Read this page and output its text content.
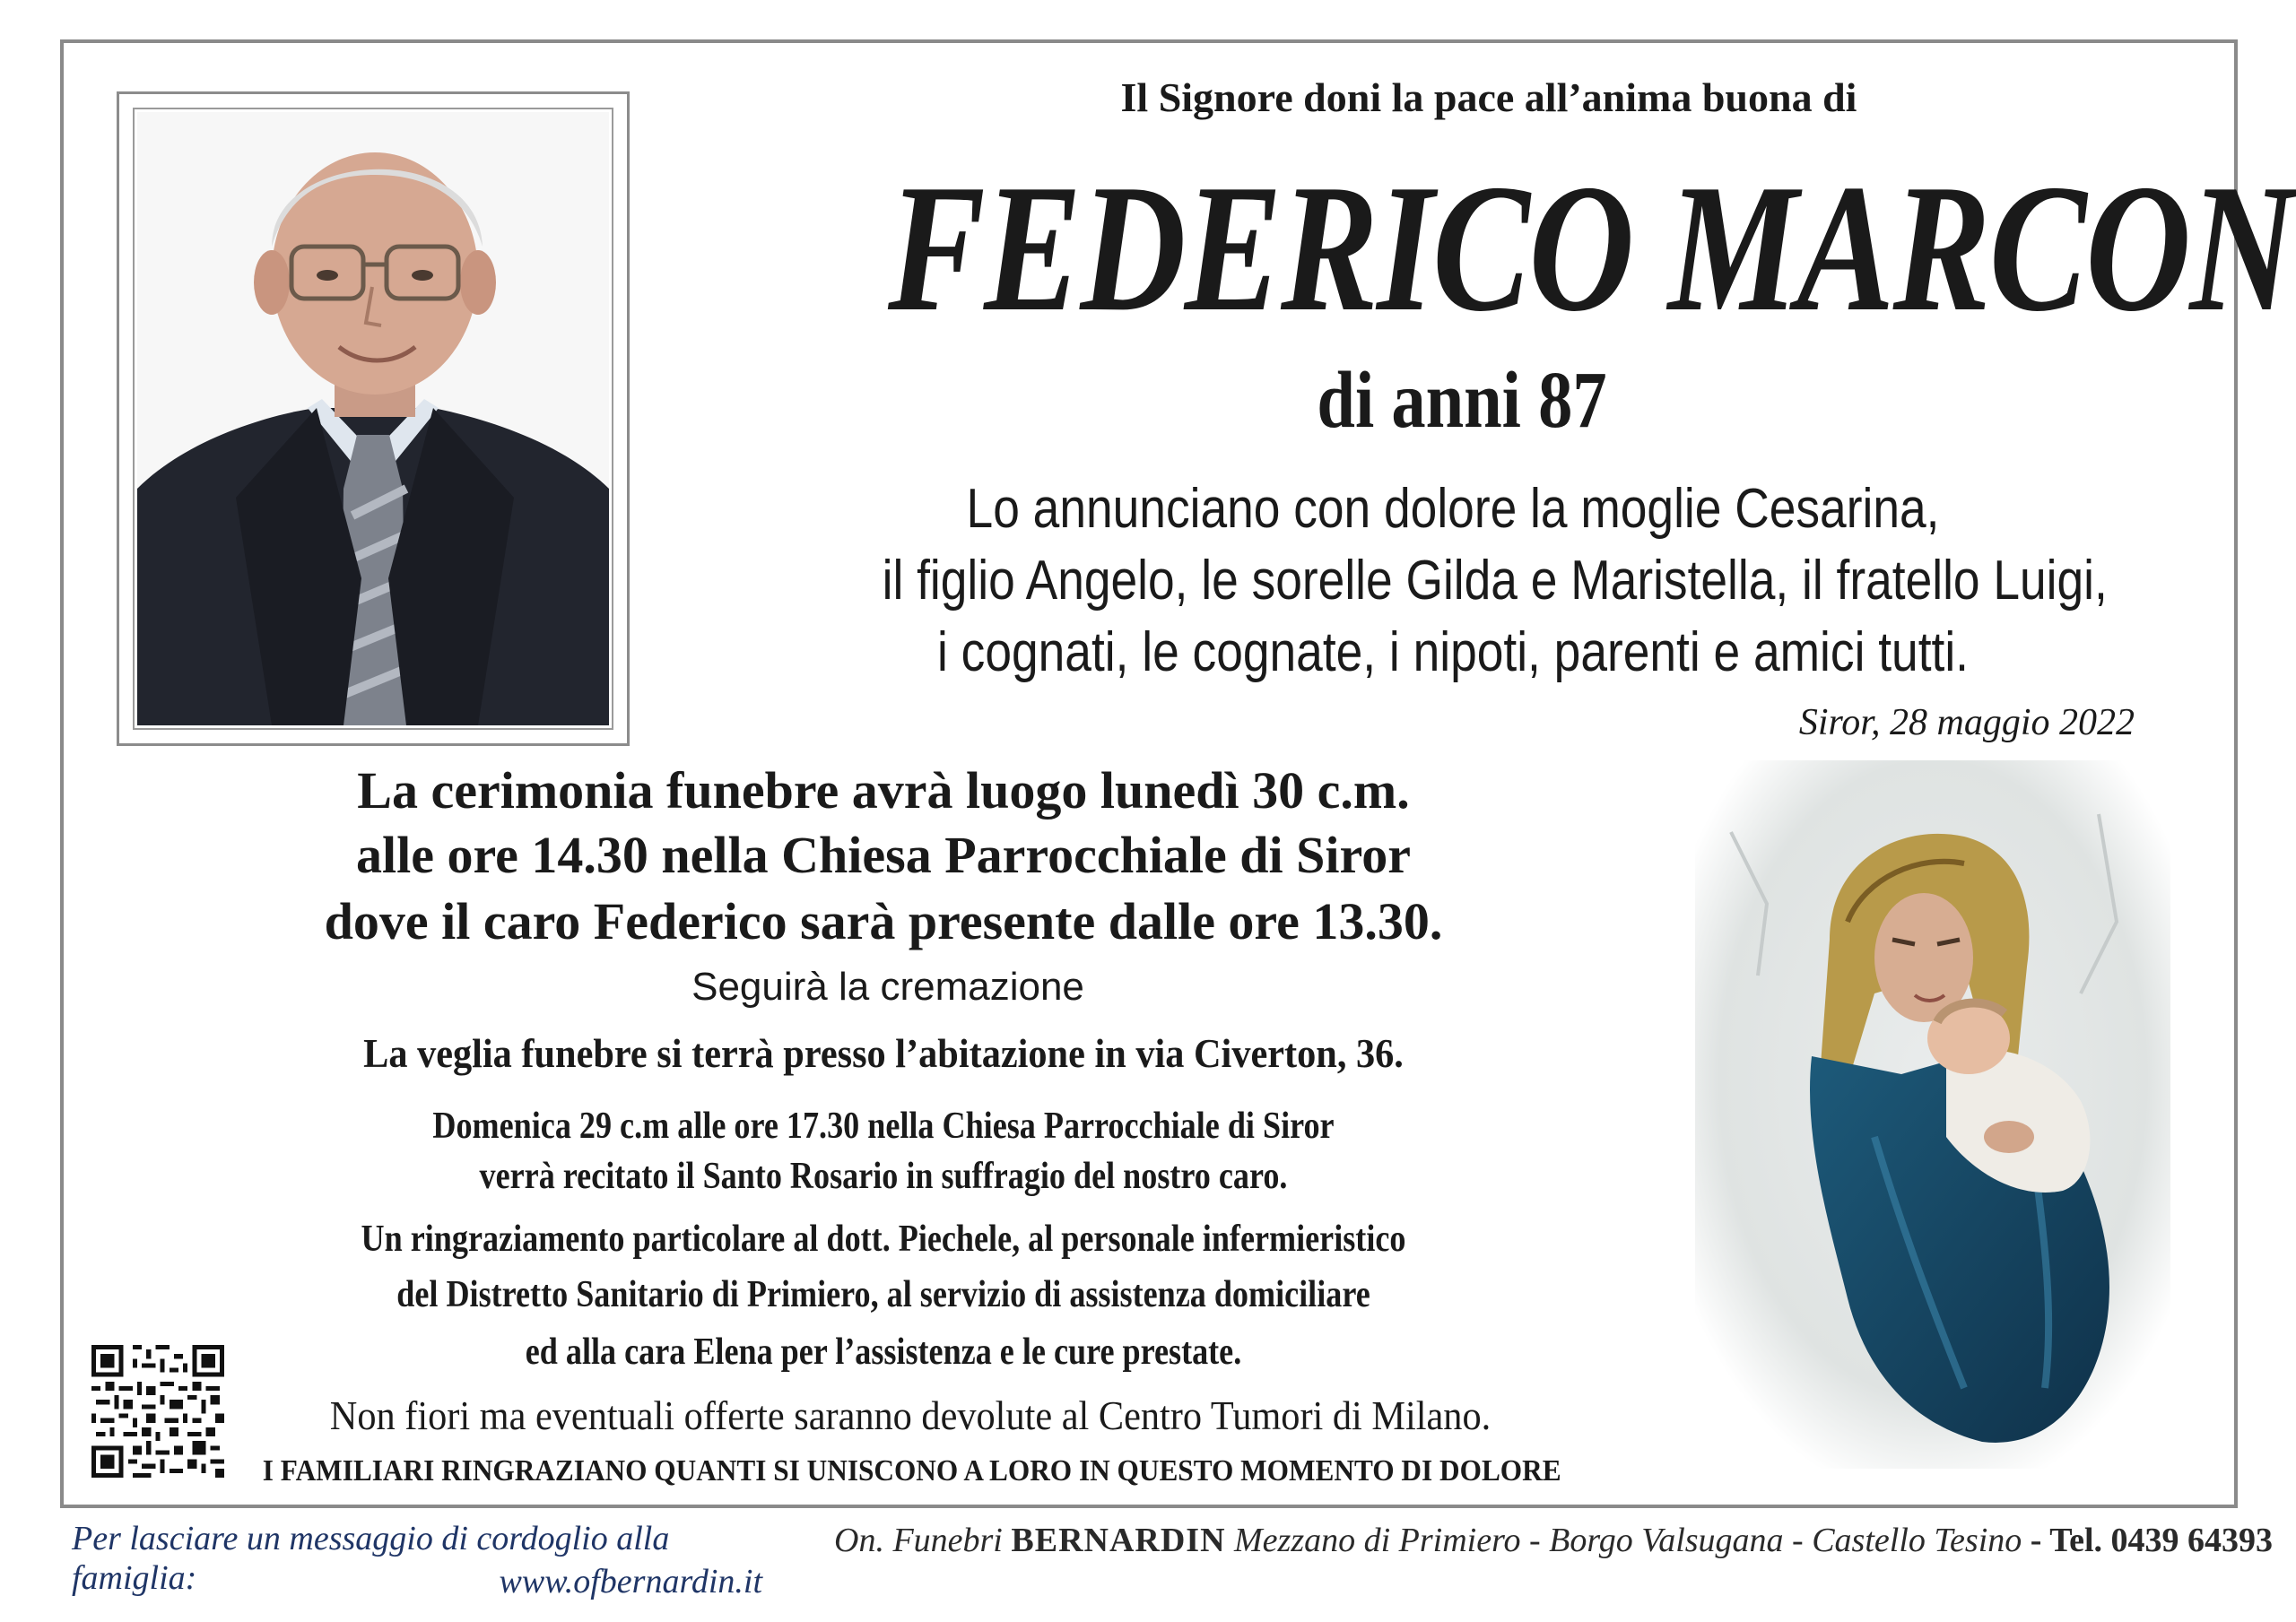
Il Signore doni la pace all’anima buona di
FEDERICO MARCON
di anni 87
Lo annunciano con dolore la moglie Cesarina,
il figlio Angelo, le sorelle Gilda e Maristella, il fratello Luigi,
i cognati, le cognate, i nipoti, parenti e amici tutti.
Siror, 28 maggio 2022
La cerimonia funebre avrà luogo lunedì 30 c.m.
alle ore 14.30 nella Chiesa Parrocchiale di Siror
dove il caro Federico sarà presente dalle ore 13.30.
Seguirà la cremazione
La veglia funebre si terrà presso l’abitazione in via Civerton, 36.
Domenica 29 c.m alle ore 17.30 nella Chiesa Parrocchiale di Siror
verrà recitato il Santo Rosario in suffragio del nostro caro.
Un ringraziamento particolare al dott. Piechele, al personale infermieristico
del Distretto Sanitario di Primiero, al servizio di assistenza domiciliare
ed alla cara Elena per l’assistenza e le cure prestate.
Non fiori ma eventuali offerte saranno devolute al Centro Tumori di Milano.
I FAMILIARI RINGRAZIANO QUANTI SI UNISCONO A LORO IN QUESTO MOMENTO DI DOLORE
Per lasciare un messaggio di cordoglio alla famiglia:	www.ofbernardin.it
On. Funebri BERNARDIN Mezzano di Primiero - Borgo Valsugana - Castello Tesino - Tel. 0439 64393
